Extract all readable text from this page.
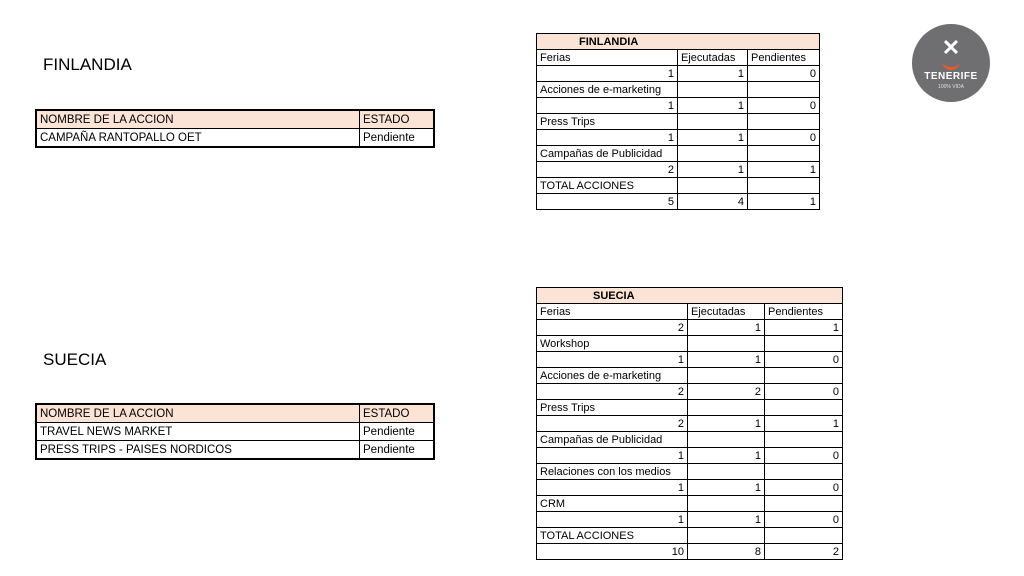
FINLANDIA
NOMBRE DE LA ACCION	ESTADO
CAMPAÑA RANTOPALLO OET	Pendiente
FINLANDIA		
Ferias	Ejecutadas	Pendientes
1	1	0
Acciones de e-marketing		
1	1	0
Press Trips		
1	1	0
Campañas de Publicidad		
2	1	1
TOTAL ACCIONES		
5	4	1
SUECIA
NOMBRE DE LA ACCION	ESTADO
TRAVEL NEWS MARKET	Pendiente
PRESS TRIPS - PAISES NORDICOS	Pendiente
SUECIA		
Ferias	Ejecutadas	Pendientes
2	1	1
Workshop		
1	1	0
Acciones de e-marketing		
2	2	0
Press Trips		
2	1	1
Campañas de Publicidad		
1	1	0
Relaciones con los medios		
1	1	0
CRM		
1	1	0
TOTAL ACCIONES		
10	8	2
✕
TENERIFE
100% VIDA
